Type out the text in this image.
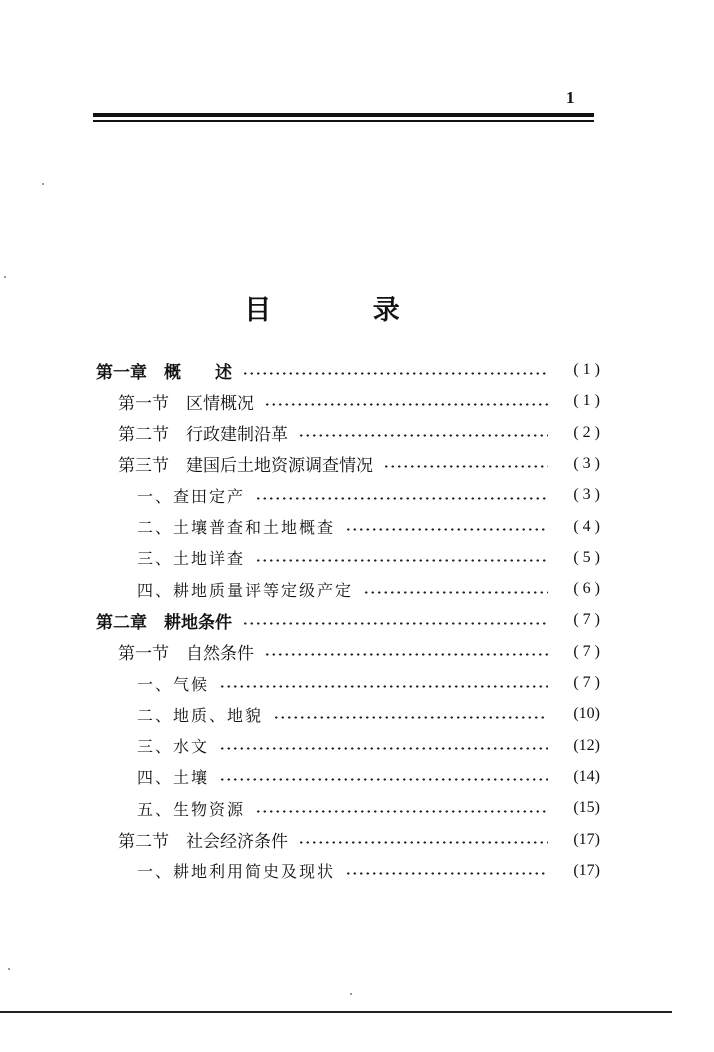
1
目 录
第一章　概　　述	( 1 )
第一节　区情概况	( 1 )
第二节　行政建制沿革	( 2 )
第三节　建国后土地资源调查情况	( 3 )
一、查田定产	( 3 )
二、土壤普查和土地概查	( 4 )
三、土地详查	( 5 )
四、耕地质量评等定级产定	( 6 )
第二章　耕地条件	( 7 )
第一节　自然条件	( 7 )
一、气候	( 7 )
二、地质、地貌	(10)
三、水文	(12)
四、土壤	(14)
五、生物资源	(15)
第二节　社会经济条件	(17)
一、耕地利用简史及现状	(17)
